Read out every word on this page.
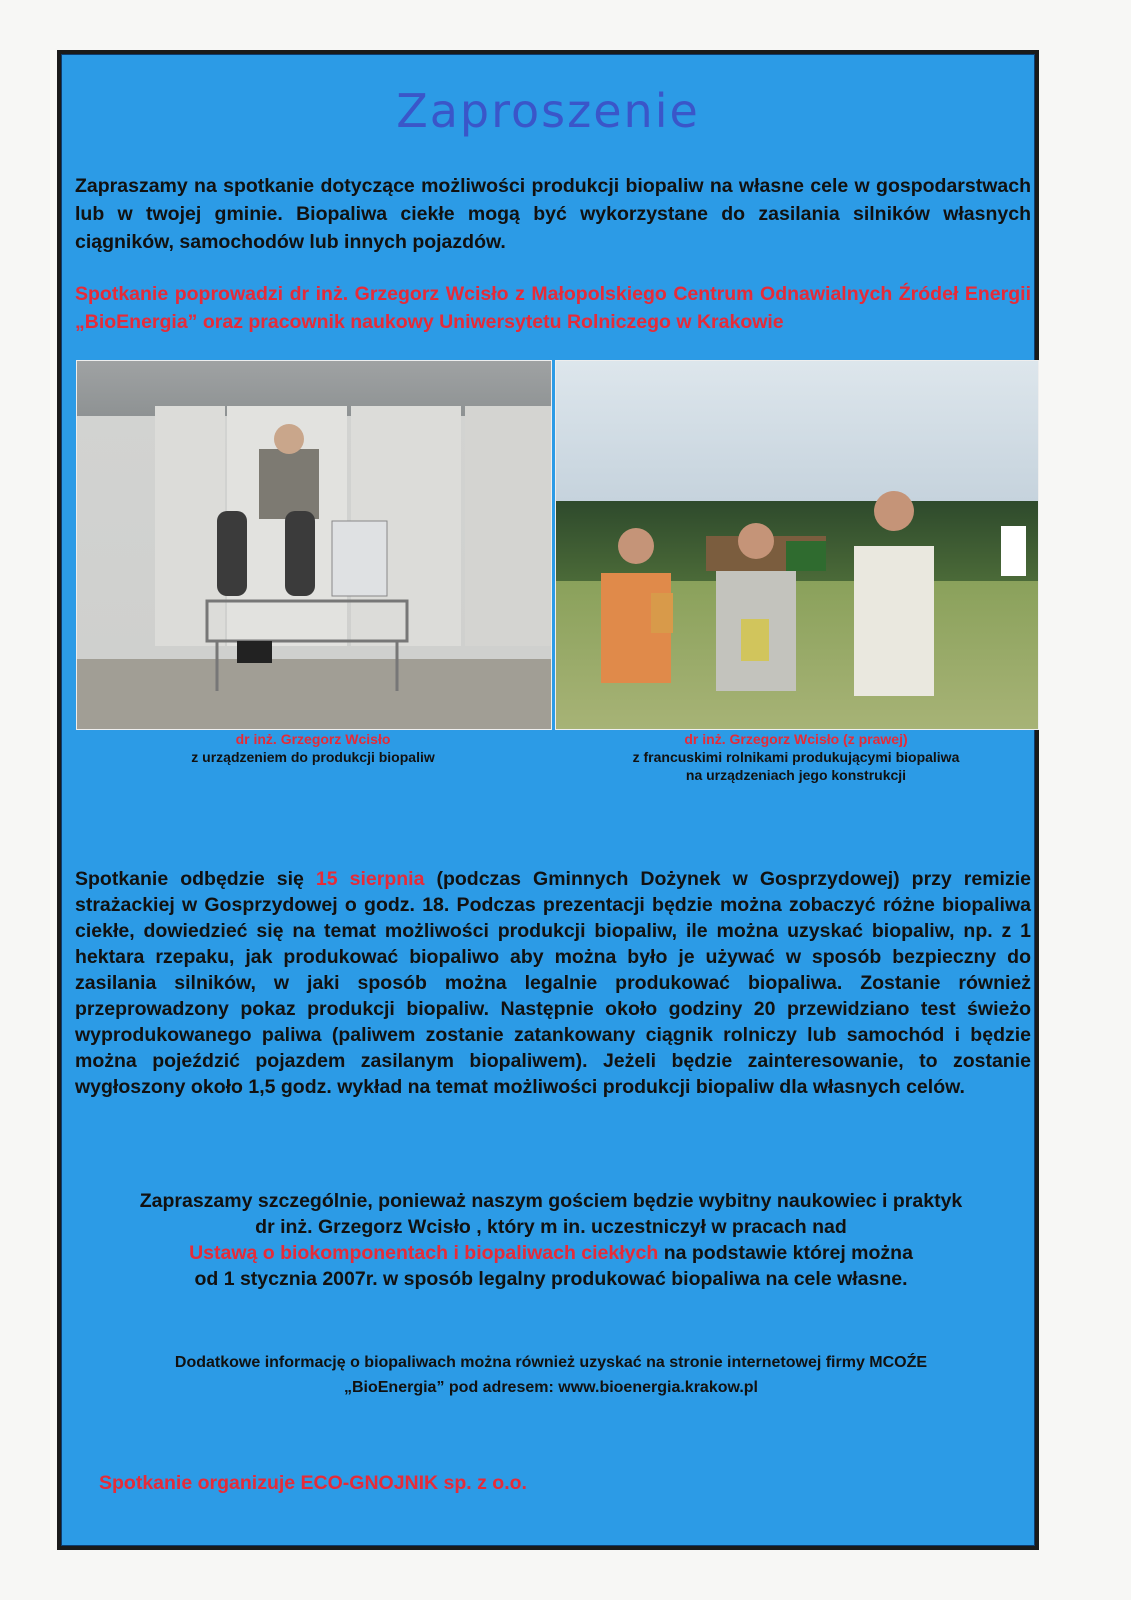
Zaproszenie
Zapraszamy na spotkanie dotyczące możliwości produkcji biopaliw na własne cele w gospodarstwach lub w twojej gminie. Biopaliwa ciekłe mogą być wykorzystane do zasilania silników własnych ciągników, samochodów lub innych pojazdów.
Spotkanie poprowadzi dr inż. Grzegorz Wcisło z Małopolskiego Centrum Odnawialnych Źródeł Energii „BioEnergia” oraz pracownik naukowy Uniwersytetu Rolniczego w Krakowie
dr inż. Grzegorz Wcisło
z urządzeniem do produkcji biopaliw
dr inż. Grzegorz Wcisło (z prawej)
z francuskimi rolnikami produkującymi biopaliwa
na urządzeniach jego konstrukcji
Spotkanie odbędzie się 15 sierpnia (podczas Gminnych Dożynek w Gosprzydowej) przy remizie strażackiej w Gosprzydowej o godz. 18. Podczas prezentacji będzie można zobaczyć różne biopaliwa ciekłe, dowiedzieć się na temat możliwości produkcji biopaliw, ile można uzyskać biopaliw, np. z 1 hektara rzepaku, jak produkować biopaliwo aby można było je używać w sposób bezpieczny do zasilania silników, w jaki sposób można legalnie produkować biopaliwa. Zostanie również przeprowadzony pokaz produkcji biopaliw. Następnie około godziny 20 przewidziano test świeżo wyprodukowanego paliwa (paliwem zostanie zatankowany ciągnik rolniczy lub samochód i będzie można pojeździć pojazdem zasilanym biopaliwem). Jeżeli będzie zainteresowanie, to zostanie wygłoszony około 1,5 godz. wykład na temat możliwości produkcji biopaliw dla własnych celów.
Zapraszamy szczególnie, ponieważ naszym gościem będzie wybitny naukowiec i praktyk
dr inż. Grzegorz Wcisło , który m in. uczestniczył w pracach nad
Ustawą o biokomponentach i biopaliwach ciekłych na podstawie której można
od 1 stycznia 2007r. w sposób legalny produkować biopaliwa na cele własne.
Dodatkowe informację o biopaliwach można również uzyskać na stronie internetowej firmy MCOŹE
„BioEnergia” pod adresem: www.bioenergia.krakow.pl
Spotkanie organizuje ECO-GNOJNIK sp. z o.o.
